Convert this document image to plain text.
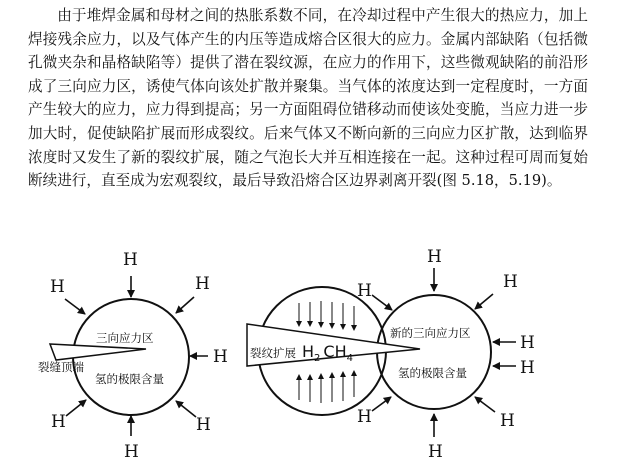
由于堆焊金属和母材之间的热胀系数不同，在冷却过程中产生很大的热应力，加上焊接残余应力，以及气体产生的内压等造成熔合区很大的应力。金属内部缺陷（包括微孔微夹杂和晶格缺陷等）提供了潜在裂纹源，在应力的作用下，这些微观缺陷的前沿形成了三向应力区，诱使气体向该处扩散并聚集。当气体的浓度达到一定程度时，一方面产生较大的应力，应力得到提高；另一方面阻碍位错移动而使该处变脆，当应力进一步加大时，促使缺陷扩展而形成裂纹。后来气体又不断向新的三向应力区扩散，达到临界浓度时又发生了新的裂纹扩展，随之气泡长大并互相连接在一起。这种过程可周而复始断续进行，直至成为宏观裂纹，最后导致沿熔合区边界剥离开裂(图 5.18，5.19)。

H
H
H
H
H
H
H
三向应力区
裂缝顶端
氢的极限含量
H
H
H
H
H
H
H
H
$H_2$ $CH_4$
裂纹扩展
新的三向应力区
氢的极限含量
